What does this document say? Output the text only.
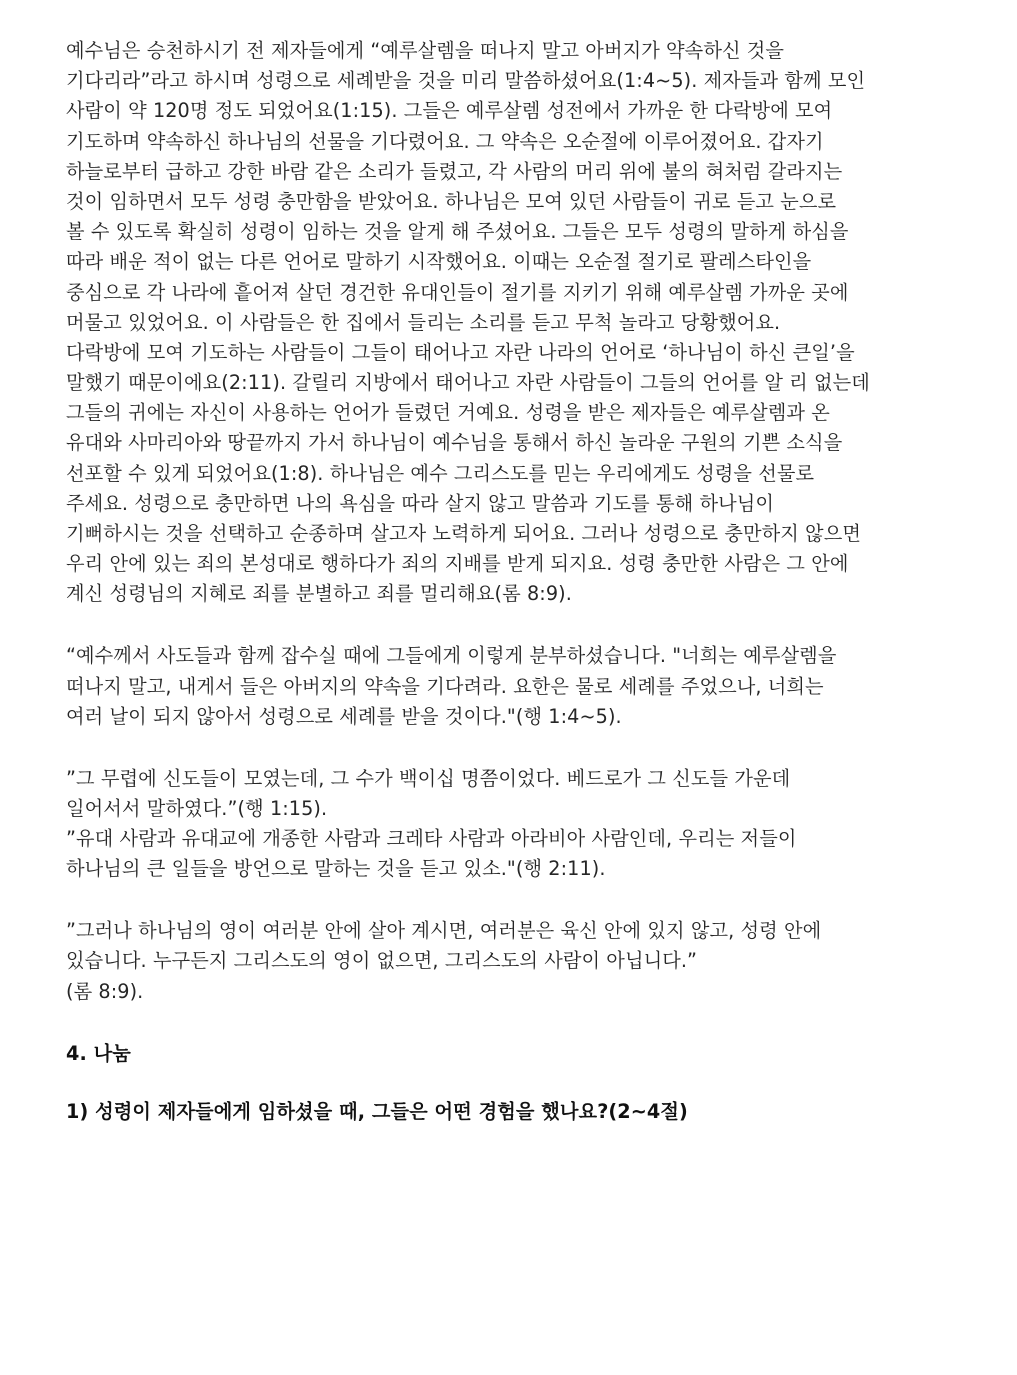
예수님은 승천하시기 전 제자들에게 “예루살렘을 떠나지 말고 아버지가 약속하신 것을
기다리라”라고 하시며 성령으로 세례받을 것을 미리 말씀하셨어요(1:4~5). 제자들과 함께 모인
사람이 약 120명 정도 되었어요(1:15). 그들은 예루살렘 성전에서 가까운 한 다락방에 모여
기도하며 약속하신 하나님의 선물을 기다렸어요. 그 약속은 오순절에 이루어졌어요. 갑자기
하늘로부터 급하고 강한 바람 같은 소리가 들렸고, 각 사람의 머리 위에 불의 혀처럼 갈라지는
것이 임하면서 모두 성령 충만함을 받았어요. 하나님은 모여 있던 사람들이 귀로 듣고 눈으로
볼 수 있도록 확실히 성령이 임하는 것을 알게 해 주셨어요. 그들은 모두 성령의 말하게 하심을
따라 배운 적이 없는 다른 언어로 말하기 시작했어요. 이때는 오순절 절기로 팔레스타인을
중심으로 각 나라에 흩어져 살던 경건한 유대인들이 절기를 지키기 위해 예루살렘 가까운 곳에
머물고 있었어요. 이 사람들은 한 집에서 들리는 소리를 듣고 무척 놀라고 당황했어요.
다락방에 모여 기도하는 사람들이 그들이 태어나고 자란 나라의 언어로 ‘하나님이 하신 큰일’을
말했기 때문이에요(2:11). 갈릴리 지방에서 태어나고 자란 사람들이 그들의 언어를 알 리 없는데
그들의 귀에는 자신이 사용하는 언어가 들렸던 거예요. 성령을 받은 제자들은 예루살렘과 온
유대와 사마리아와 땅끝까지 가서 하나님이 예수님을 통해서 하신 놀라운 구원의 기쁜 소식을
선포할 수 있게 되었어요(1:8). 하나님은 예수 그리스도를 믿는 우리에게도 성령을 선물로
주세요. 성령으로 충만하면 나의 욕심을 따라 살지 않고 말씀과 기도를 통해 하나님이
기뻐하시는 것을 선택하고 순종하며 살고자 노력하게 되어요. 그러나 성령으로 충만하지 않으면
우리 안에 있는 죄의 본성대로 행하다가 죄의 지배를 받게 되지요. 성령 충만한 사람은 그 안에
계신 성령님의 지혜로 죄를 분별하고 죄를 멀리해요(롬 8:9).
“예수께서 사도들과 함께 잡수실 때에 그들에게 이렇게 분부하셨습니다. "너희는 예루살렘을
떠나지 말고, 내게서 들은 아버지의 약속을 기다려라. 요한은 물로 세례를 주었으나, 너희는
여러 날이 되지 않아서 성령으로 세례를 받을 것이다."(행 1:4~5).
”그 무렵에 신도들이 모였는데, 그 수가 백이십 명쯤이었다. 베드로가 그 신도들 가운데
일어서서 말하였다.”(행 1:15).
”유대 사람과 유대교에 개종한 사람과 크레타 사람과 아라비아 사람인데, 우리는 저들이
하나님의 큰 일들을 방언으로 말하는 것을 듣고 있소."(행 2:11).
”그러나 하나님의 영이 여러분 안에 살아 계시면, 여러분은 육신 안에 있지 않고, 성령 안에
있습니다. 누구든지 그리스도의 영이 없으면, 그리스도의 사람이 아닙니다.”
(롬 8:9).
4. 나눔
1) 성령이 제자들에게 임하셨을 때, 그들은 어떤 경험을 했나요?(2~4절)
